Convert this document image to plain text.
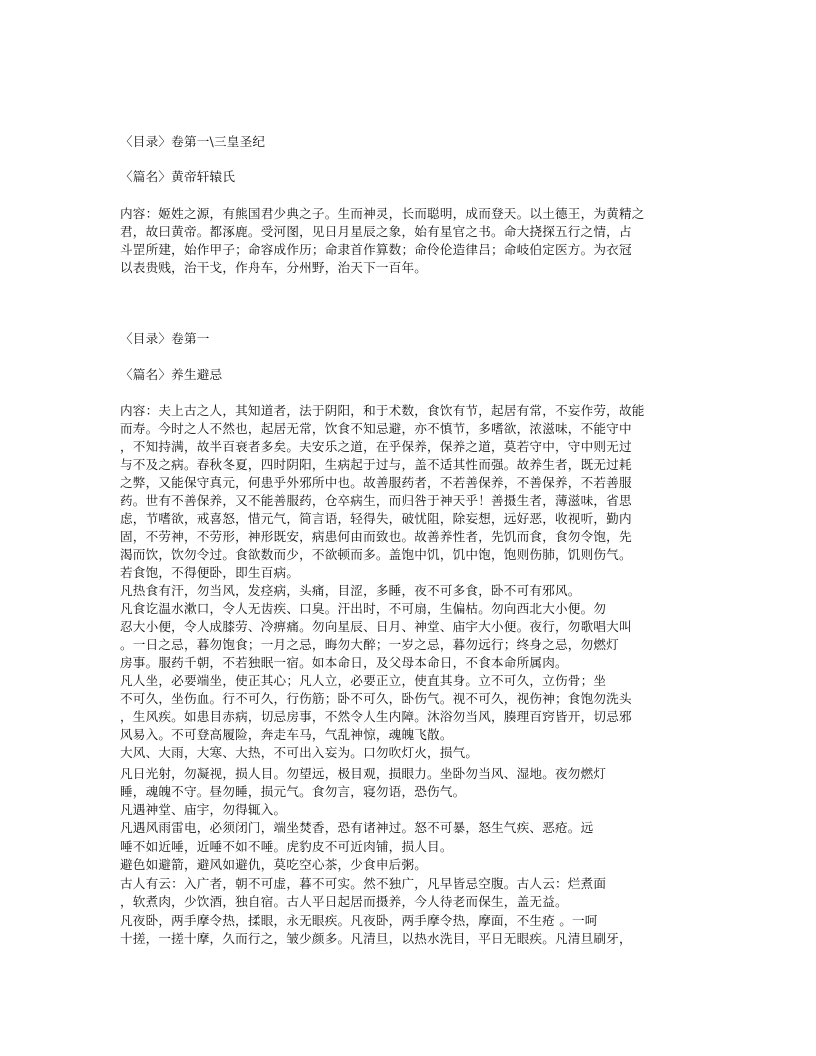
〈目录〉卷第一\三皇圣纪
〈篇名〉黄帝轩辕氏
内容：姬姓之源，有熊国君少典之子。生而神灵，长而聪明，成而登天。以土德王，为黄精之
君，故曰黄帝。都涿鹿。受河图，见日月星辰之象，始有星官之书。命大挠探五行之情，占
斗罡所建，始作甲子；命容成作历；命隶首作算数；命伶伦造律吕；命岐伯定医方。为衣冠
以表贵贱，治干戈，作舟车，分州野，治天下一百年。
〈目录〉卷第一
〈篇名〉养生避忌
内容：夫上古之人，其知道者，法于阴阳，和于术数，食饮有节，起居有常，不妄作劳，故能
而寿。今时之人不然也，起居无常，饮食不知忌避，亦不慎节，多嗜欲，浓滋味，不能守中
，不知持满，故半百衰者多矣。夫安乐之道，在乎保养，保养之道，莫若守中，守中则无过
与不及之病。春秋冬夏，四时阴阳，生病起于过与，盖不适其性而强。故养生者，既无过耗
之弊，又能保守真元，何患乎外邪所中也。故善服药者，不若善保养，不善保养，不若善服
药。世有不善保养，又不能善服药，仓卒病生，而归咎于神天乎！善摄生者，薄滋味，省思
虑，节嗜欲，戒喜怒，惜元气，简言语，轻得失，破忧阻，除妄想，远好恶，收视听，勤内
固，不劳神，不劳形，神形既安，病患何由而致也。故善养性者，先饥而食，食勿令饱，先
渴而饮，饮勿令过。食欲数而少，不欲顿而多。盖饱中饥，饥中饱，饱则伤肺，饥则伤气。
若食饱，不得便卧，即生百病。
凡热食有汗，勿当风，发痉病，头痛，目涩，多睡，夜不可多食，卧不可有邪风。
凡食讫温水漱口，令人无齿疾、口臭。汗出时，不可扇，生偏枯。勿向西北大小便。勿
忍大小便，令人成膝劳、冷痹痛。勿向星辰、日月、神堂、庙宇大小便。夜行，勿歌唱大叫
。一日之忌，暮勿饱食；一月之忌，晦勿大醉；一岁之忌，暮勿远行；终身之忌，勿燃灯
房事。服药千朝，不若独眠一宿。如本命日，及父母本命日，不食本命所属肉。
凡人坐，必要端坐，使正其心；凡人立，必要正立，使直其身。立不可久，立伤骨；坐
不可久，坐伤血。行不可久，行伤筋；卧不可久，卧伤气。视不可久，视伤神；食饱勿洗头
，生风疾。如患目赤病，切忌房事，不然令人生内障。沐浴勿当风，腠理百窍皆开，切忌邪
风易入。不可登高履险，奔走车马，气乱神惊，魂魄飞散。
大风、大雨，大寒、大热，不可出入妄为。口勿吹灯火，损气。
凡日光射，勿凝视，损人目。勿望远，极目观，损眼力。坐卧勿当风、湿地。夜勿燃灯
睡，魂魄不守。昼勿睡，损元气。食勿言，寝勿语，恐伤气。
凡遇神堂、庙宇，勿得辄入。
凡遇风雨雷电，必须闭门，端坐焚香，恐有诸神过。怒不可暴，怒生气疾、恶疮。远
唾不如近唾，近唾不如不唾。虎豹皮不可近肉铺，损人目。
避色如避箭，避风如避仇，莫吃空心茶，少食申后粥。
古人有云：入广者，朝不可虚，暮不可实。然不独广，凡早皆忌空腹。古人云：烂煮面
，软煮肉，少饮酒，独自宿。古人平日起居而摄养，今人待老而保生，盖无益。
凡夜卧，两手摩令热，揉眼，永无眼疾。凡夜卧，两手摩令热，摩面，不生疮 。一呵
十搓，一搓十摩，久而行之，皱少颜多。凡清旦，以热水洗目，平日无眼疾。凡清旦刷牙，
